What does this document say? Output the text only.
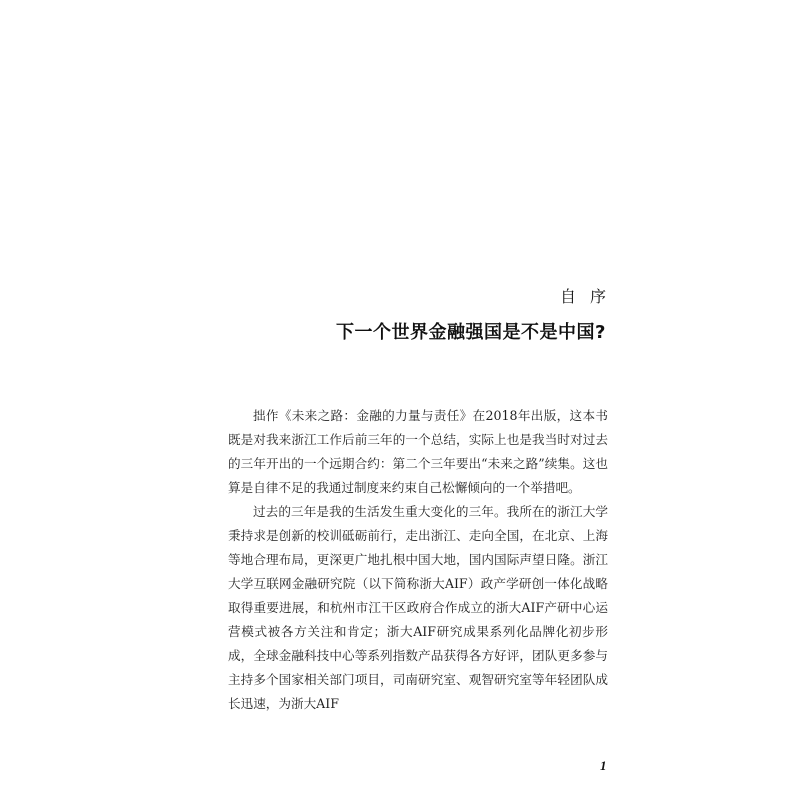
自序
下一个世界金融强国是不是中国?

拙作《未来之路：金融的力量与责任》在2018年出版，这本书既是对我来浙江工作后前三年的一个总结，实际上也是我当时对过去的三年开出的一个远期合约：第二个三年要出“未来之路”续集。这也算是自律不足的我通过制度来约束自己松懈倾向的一个举措吧。

过去的三年是我的生活发生重大变化的三年。我所在的浙江大学秉持求是创新的校训砥砺前行，走出浙江、走向全国，在北京、上海等地合理布局，更深更广地扎根中国大地，国内国际声望日隆。浙江大学互联网金融研究院（以下简称浙大AIF）政产学研创一体化战略取得重要进展，和杭州市江干区政府合作成立的浙大AIF产研中心运营模式被各方关注和肯定；浙大AIF研究成果系列化品牌化初步形成，全球金融科技中心等系列指数产品获得各方好评，团队更多参与主持多个国家相关部门项目，司南研究室、观智研究室等年轻团队成长迅速，为浙大AIF

1
